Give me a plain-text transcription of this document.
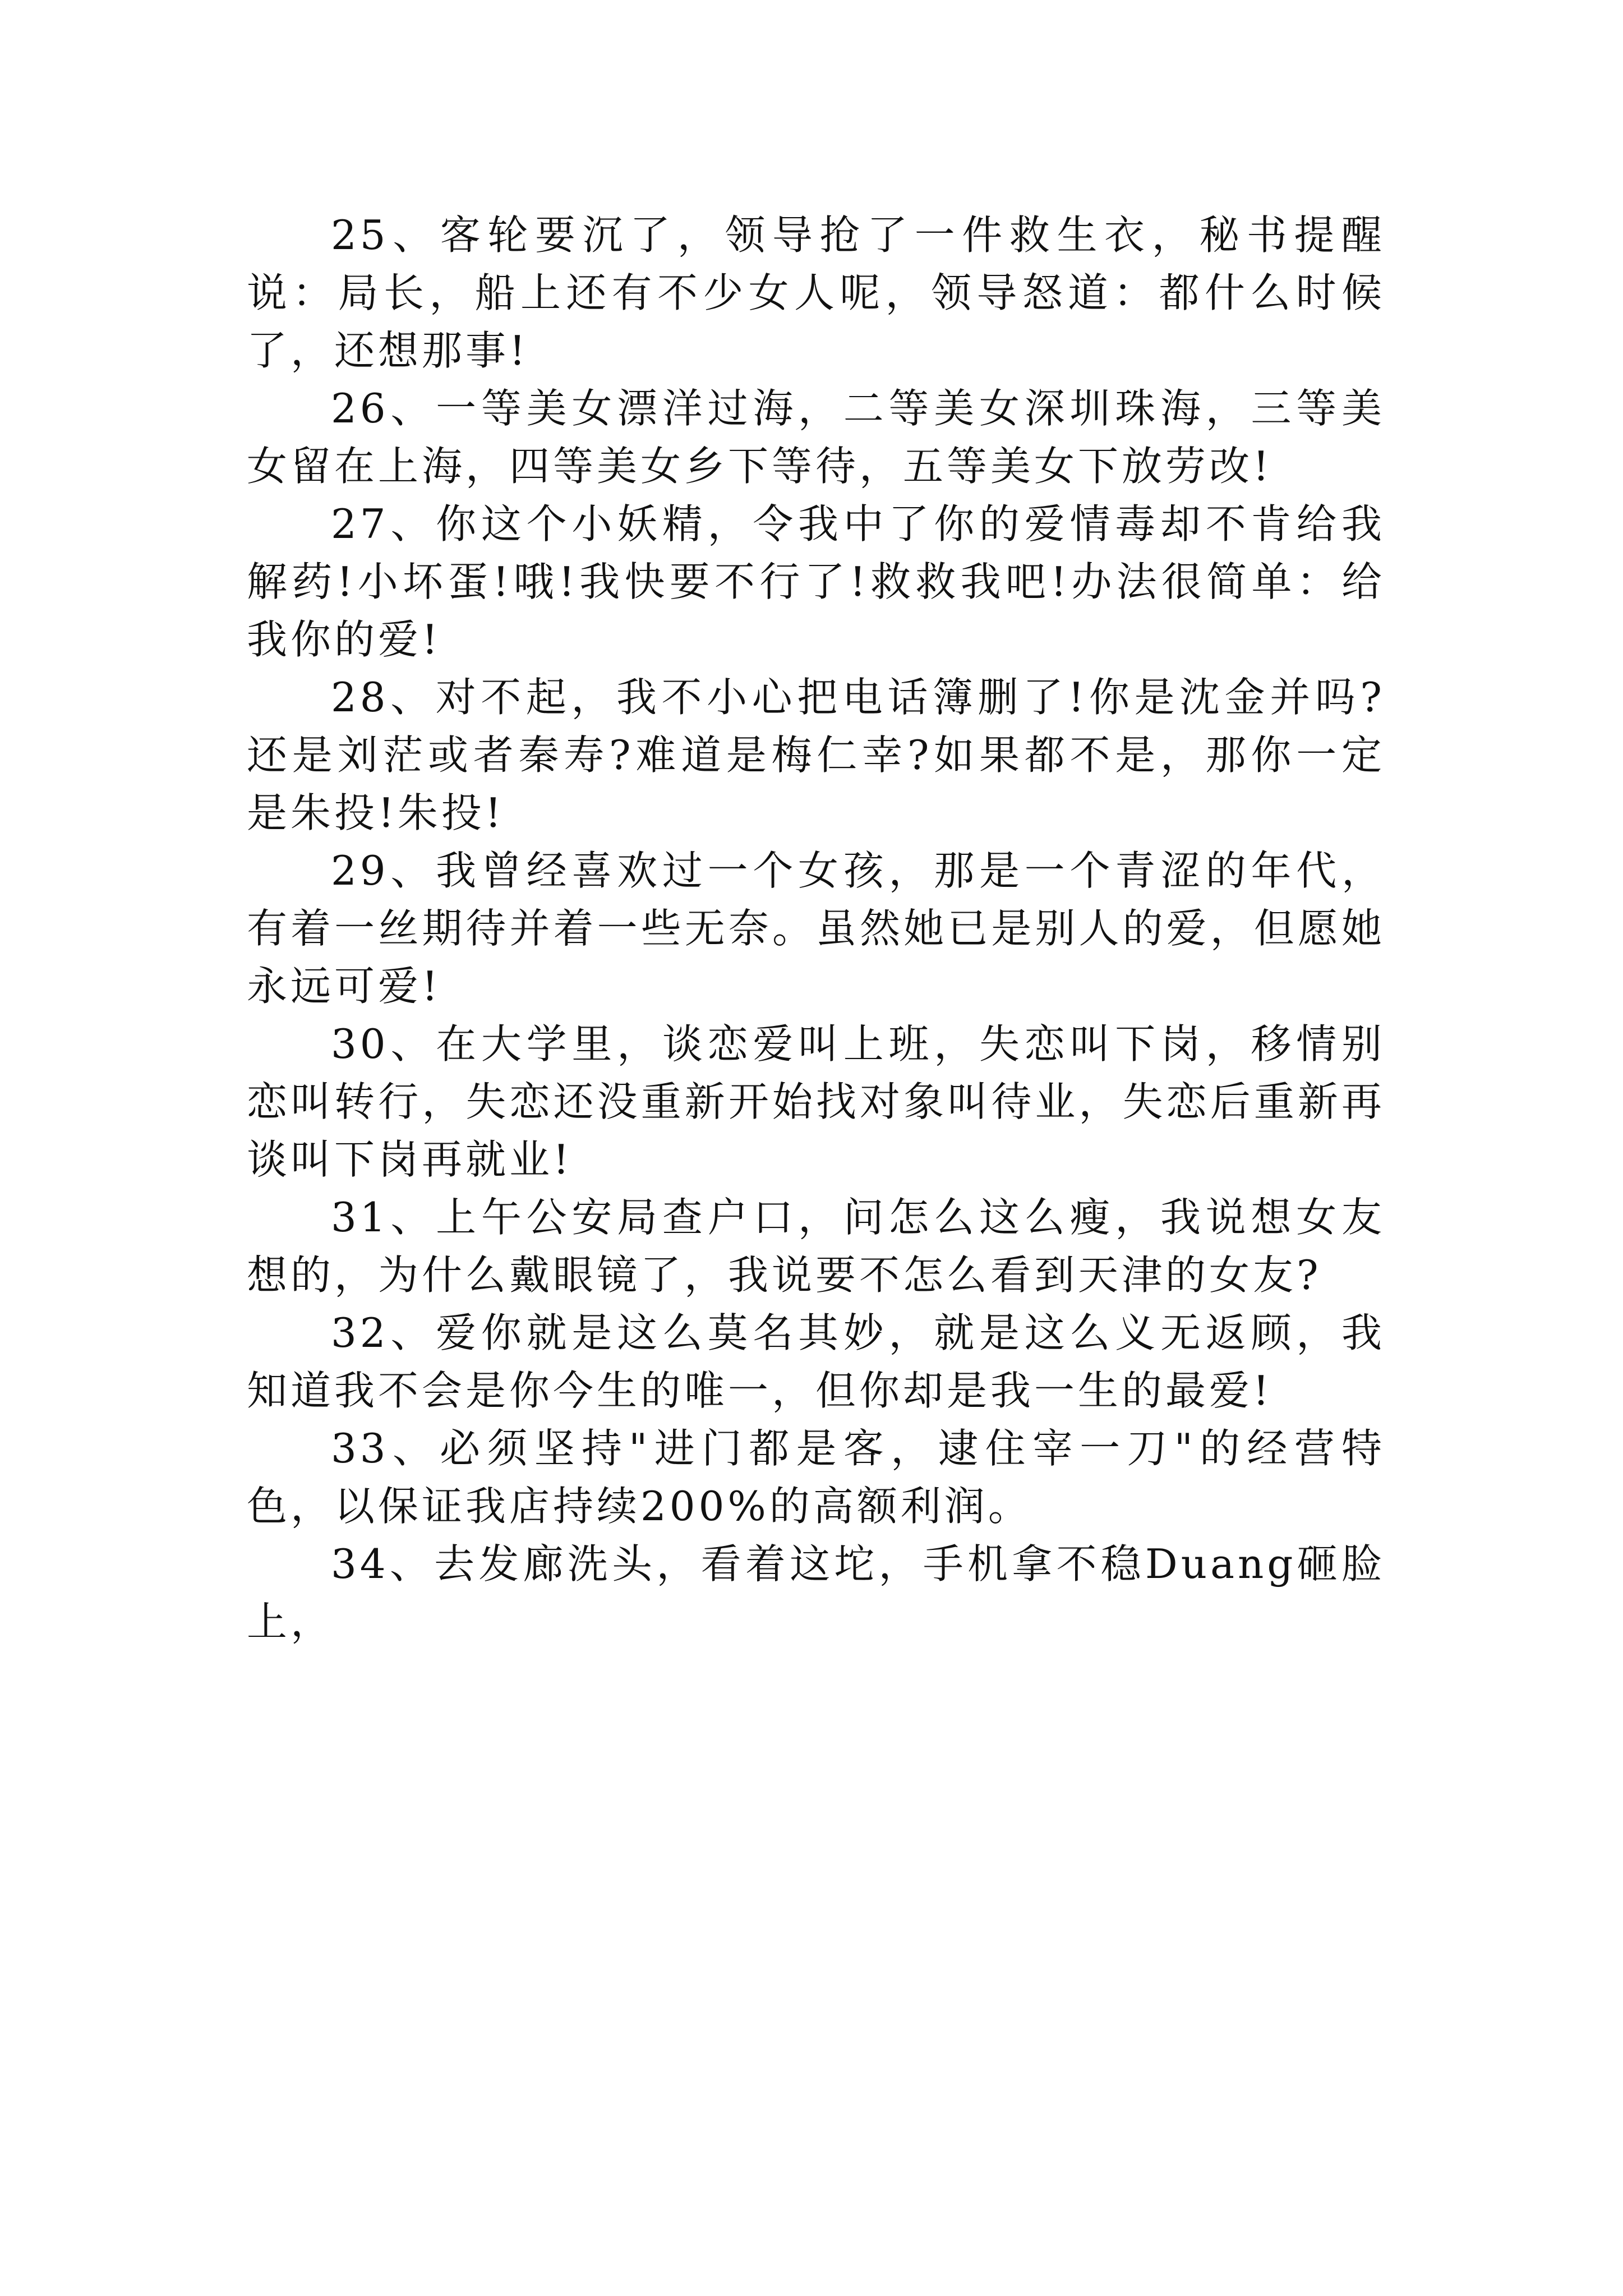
25、客轮要沉了，领导抢了一件救生衣，秘书提醒说：局长，船上还有不少女人呢，领导怒道：都什么时候了，还想那事!

26、一等美女漂洋过海，二等美女深圳珠海，三等美女留在上海，四等美女乡下等待，五等美女下放劳改!

27、你这个小妖精，令我中了你的爱情毒却不肯给我解药!小坏蛋!哦!我快要不行了!救救我吧!办法很简单：给我你的爱!

28、对不起，我不小心把电话簿删了!你是沈金并吗?还是刘茫或者秦寿?难道是梅仁幸?如果都不是，那你一定是朱投!朱投!

29、我曾经喜欢过一个女孩，那是一个青涩的年代，有着一丝期待并着一些无奈。虽然她已是别人的爱，但愿她永远可爱!

30、在大学里，谈恋爱叫上班，失恋叫下岗，移情别恋叫转行，失恋还没重新开始找对象叫待业，失恋后重新再谈叫下岗再就业!

31、上午公安局查户口，问怎么这么瘦，我说想女友想的，为什么戴眼镜了，我说要不怎么看到天津的女友?

32、爱你就是这么莫名其妙，就是这么义无返顾，我知道我不会是你今生的唯一，但你却是我一生的最爱!

33、必须坚持"进门都是客，逮住宰一刀"的经营特色，以保证我店持续200%的高额利润。

34、去发廊洗头，看着这坨，手机拿不稳Duang砸脸上，
